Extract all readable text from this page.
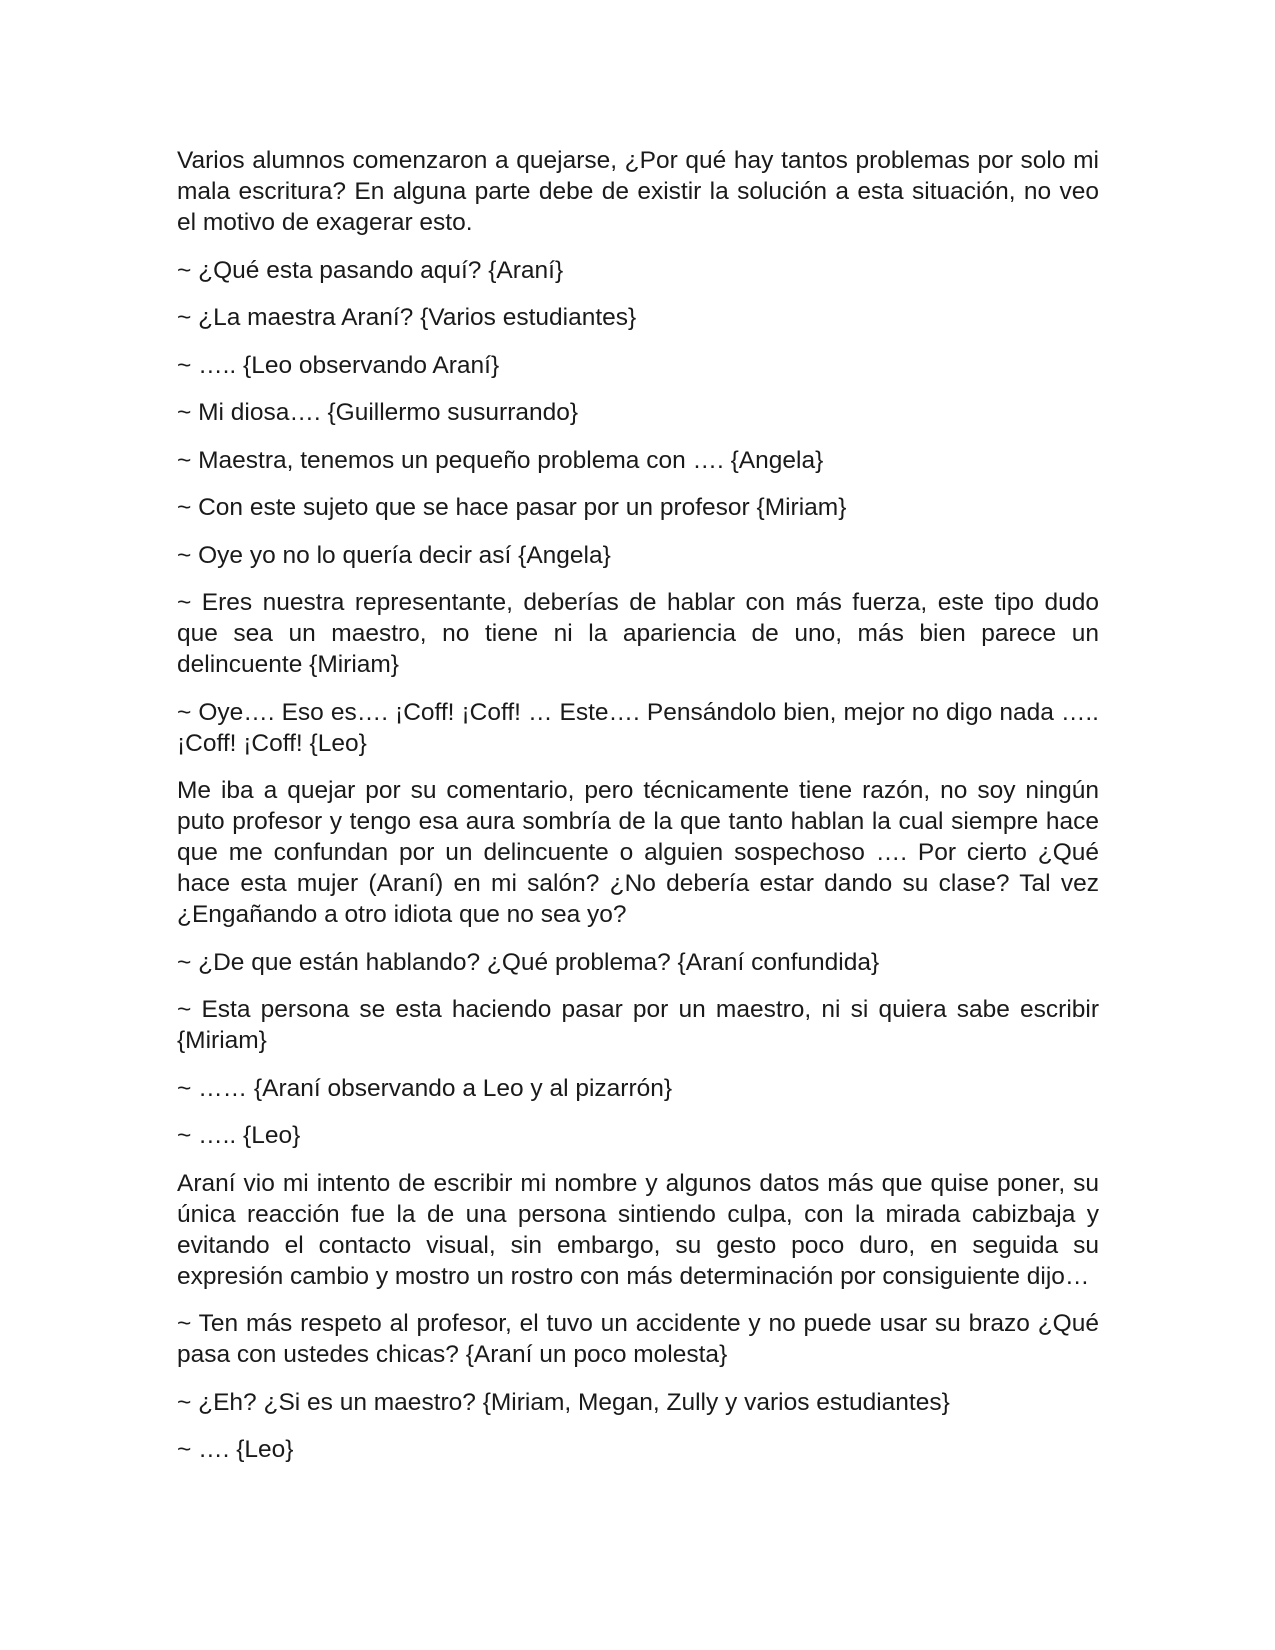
Varios alumnos comenzaron a quejarse, ¿Por qué hay tantos problemas por solo mi mala escritura? En alguna parte debe de existir la solución a esta situación, no veo el motivo de exagerar esto.

~ ¿Qué esta pasando aquí? {Araní}

~ ¿La maestra Araní? {Varios estudiantes}

~ ….. {Leo observando Araní}

~ Mi diosa…. {Guillermo susurrando}

~ Maestra, tenemos un pequeño problema con …. {Angela}

~ Con este sujeto que se hace pasar por un profesor {Miriam}

~ Oye yo no lo quería decir así {Angela}

~ Eres nuestra representante, deberías de hablar con más fuerza, este tipo dudo que sea un maestro, no tiene ni la apariencia de uno, más bien parece un delincuente {Miriam}

~ Oye…. Eso es…. ¡Coff! ¡Coff! … Este…. Pensándolo bien, mejor no digo nada ….. ¡Coff! ¡Coff! {Leo}

Me iba a quejar por su comentario, pero técnicamente tiene razón, no soy ningún puto profesor y tengo esa aura sombría de la que tanto hablan la cual siempre hace que me confundan por un delincuente o alguien sospechoso …. Por cierto ¿Qué hace esta mujer (Araní) en mi salón? ¿No debería estar dando su clase? Tal vez ¿Engañando a otro idiota que no sea yo?

~ ¿De que están hablando? ¿Qué problema? {Araní confundida}

~ Esta persona se esta haciendo pasar por un maestro, ni si quiera sabe escribir {Miriam}

~ …… {Araní observando a Leo y al pizarrón}

~ ….. {Leo}

Araní vio mi intento de escribir mi nombre y algunos datos más que quise poner, su única reacción fue la de una persona sintiendo culpa, con la mirada cabizbaja y evitando el contacto visual, sin embargo, su gesto poco duro, en seguida su expresión cambio y mostro un rostro con más determinación por consiguiente dijo…

~ Ten más respeto al profesor, el tuvo un accidente y no puede usar su brazo ¿Qué pasa con ustedes chicas? {Araní un poco molesta}

~ ¿Eh? ¿Si es un maestro? {Miriam, Megan, Zully y varios estudiantes}

~ …. {Leo}
